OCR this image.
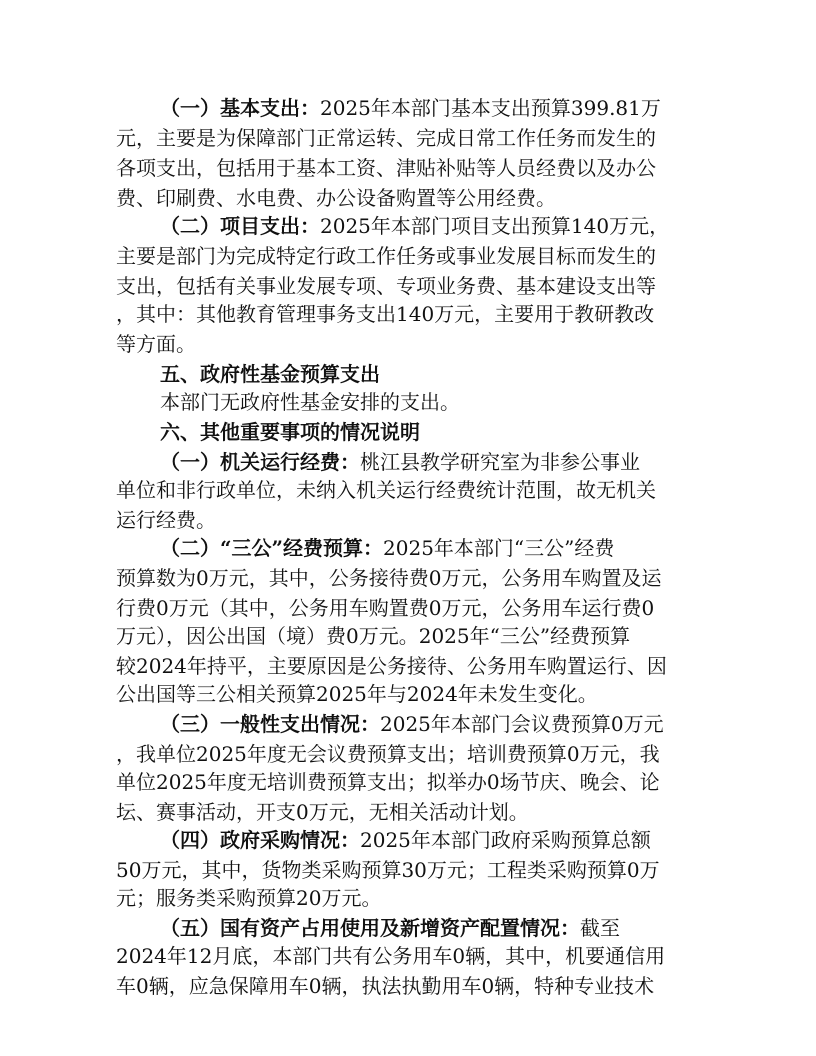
（一）基本支出：2025年本部门基本支出预算399.81万
元，主要是为保障部门正常运转、完成日常工作任务而发生的
各项支出，包括用于基本工资、津贴补贴等人员经费以及办公
费、印刷费、水电费、办公设备购置等公用经费。
（二）项目支出：2025年本部门项目支出预算140万元，
主要是部门为完成特定行政工作任务或事业发展目标而发生的
支出，包括有关事业发展专项、专项业务费、基本建设支出等
，其中：其他教育管理事务支出140万元，主要用于教研教改
等方面。
五、政府性基金预算支出
本部门无政府性基金安排的支出。
六、其他重要事项的情况说明
（一）机关运行经费：桃江县教学研究室为非参公事业
单位和非行政单位，未纳入机关运行经费统计范围，故无机关
运行经费。
（二）“三公”经费预算：2025年本部门“三公”经费
预算数为0万元，其中，公务接待费0万元，公务用车购置及运
行费0万元（其中，公务用车购置费0万元，公务用车运行费0
万元），因公出国（境）费0万元。2025年“三公”经费预算
较2024年持平，主要原因是公务接待、公务用车购置运行、因
公出国等三公相关预算2025年与2024年未发生变化。
（三）一般性支出情况：2025年本部门会议费预算0万元
，我单位2025年度无会议费预算支出；培训费预算0万元，我
单位2025年度无培训费预算支出；拟举办0场节庆、晚会、论
坛、赛事活动，开支0万元，无相关活动计划。
（四）政府采购情况：2025年本部门政府采购预算总额
50万元，其中，货物类采购预算30万元；工程类采购预算0万
元；服务类采购预算20万元。
（五）国有资产占用使用及新增资产配置情况：截至
2024年12月底，本部门共有公务用车0辆，其中，机要通信用
车0辆，应急保障用车0辆，执法执勤用车0辆，特种专业技术
